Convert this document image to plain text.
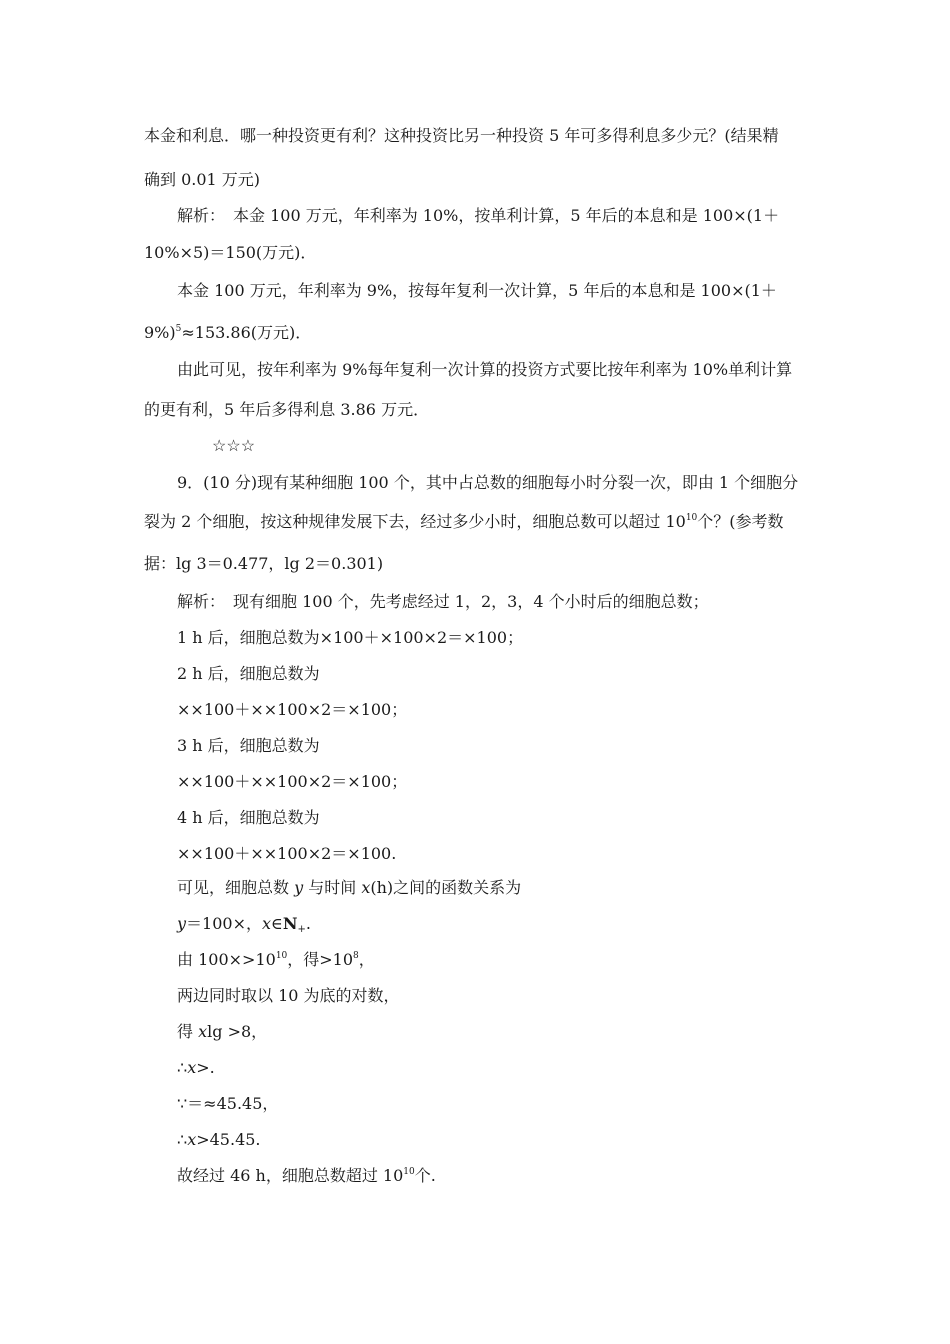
本金和利息．哪一种投资更有利？这种投资比另一种投资 5 年可多得利息多少元？(结果精
确到 0.01 万元)
解析：　本金 100 万元，年利率为 10%，按单利计算，5 年后的本息和是 100×(1＋
10%×5)＝150(万元)．
本金 100 万元，年利率为 9%，按每年复利一次计算，5 年后的本息和是 100×(1＋
9%)$^5$≈153.86(万元)．
由此可见，按年利率为 9%每年复利一次计算的投资方式要比按年利率为 10%单利计算
的更有利，5 年后多得利息 3.86 万元．
☆☆☆
9．(10 分)现有某种细胞 100 个，其中占总数的细胞每小时分裂一次，即由 1 个细胞分
裂为 2 个细胞，按这种规律发展下去，经过多少小时，细胞总数可以超过 $10^{10}$个？(参考数
据：lg 3＝0.477，lg 2＝0.301)
解析：　现有细胞 100 个，先考虑经过 1，2，3，4 个小时后的细胞总数；
1 h 后，细胞总数为×100＋×100×2＝×100；
2 h 后，细胞总数为
××100＋××100×2＝×100；
3 h 后，细胞总数为
××100＋××100×2＝×100；
4 h 后，细胞总数为
××100＋××100×2＝×100.
可见，细胞总数 y 与时间 x(h)之间的函数关系为
y＝100×，$x\in N_+$.
由 $100\times>10^{10}$，得$>10^8$，
两边同时取以 10 为底的对数，
得 xlg >8，
∴x>.
∵＝≈45.45，
∴x>45.45.
故经过 46 h，细胞总数超过 $10^{10}$个.
